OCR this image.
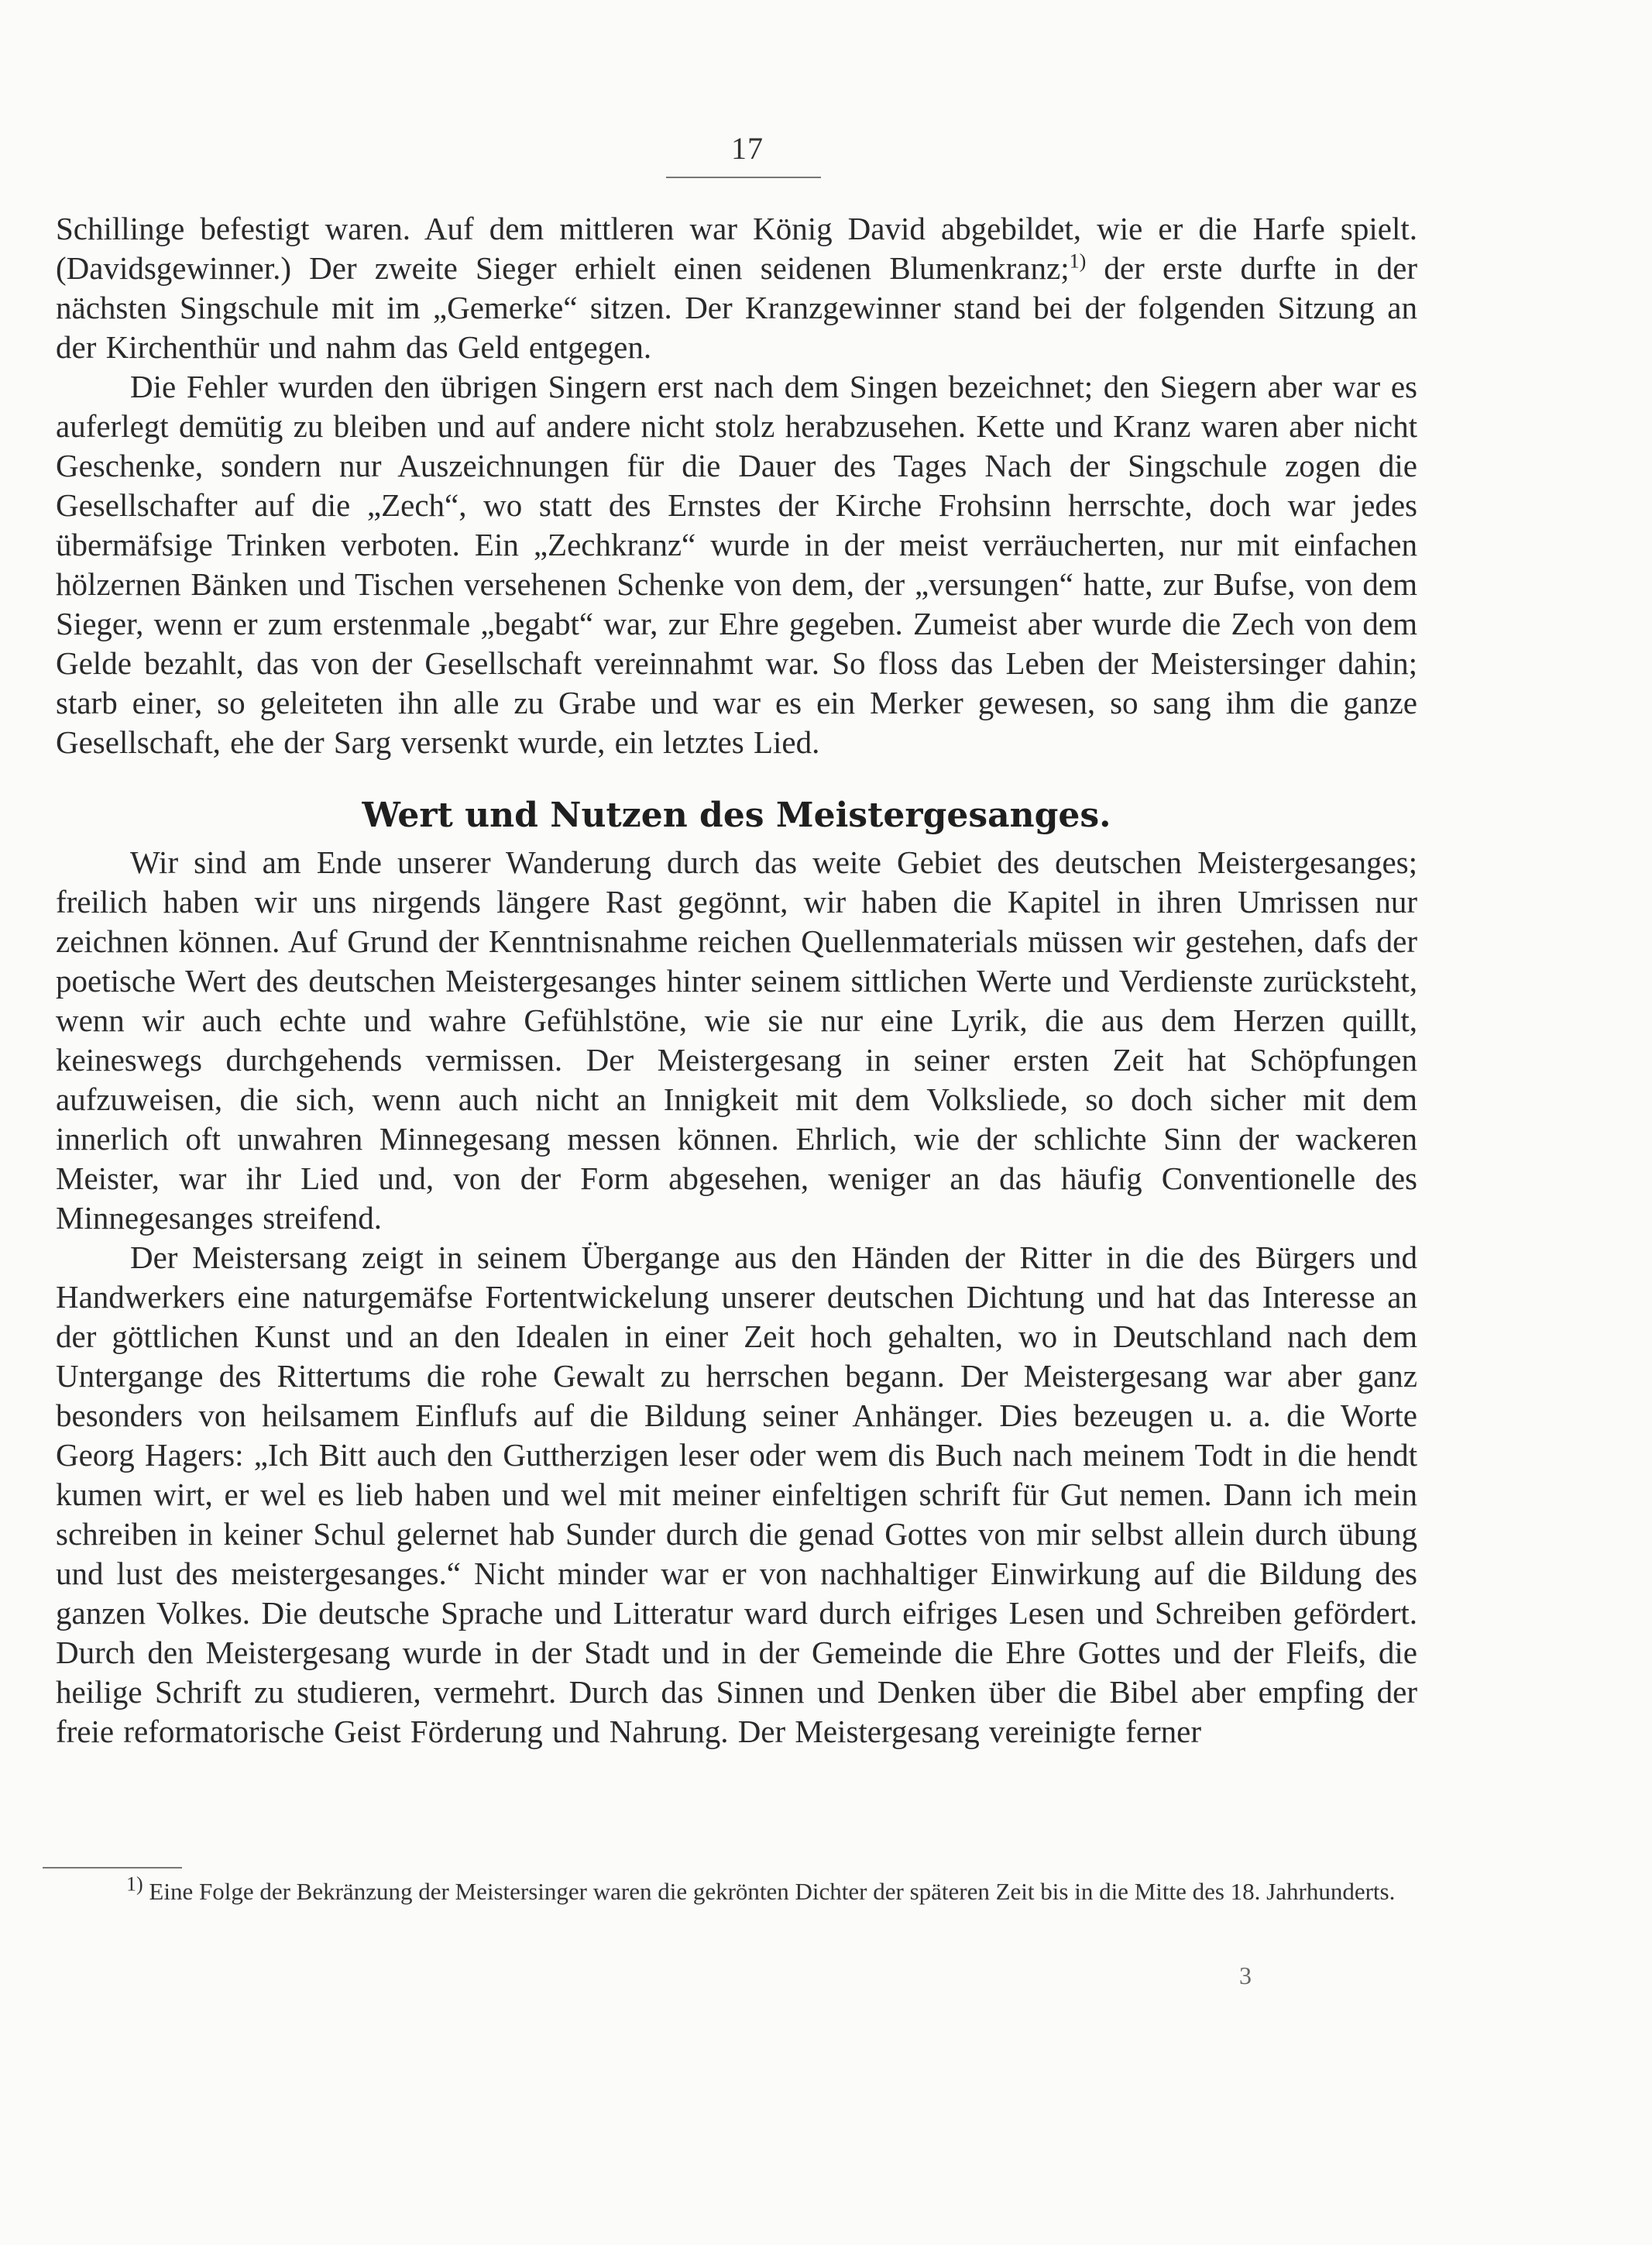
17

Schillinge befestigt waren. Auf dem mittleren war König David abgebildet, wie er die Harfe spielt. (Davidsgewinner.) Der zweite Sieger erhielt einen seidenen Blumenkranz;$^{1)}$ der erste durfte in der nächsten Singschule mit im „Gemerke“ sitzen. Der Kranzgewinner stand bei der folgenden Sitzung an der Kirchenthür und nahm das Geld entgegen.

Die Fehler wurden den übrigen Singern erst nach dem Singen bezeichnet; den Siegern aber war es auferlegt demütig zu bleiben und auf andere nicht stolz herabzusehen. Kette und Kranz waren aber nicht Geschenke, sondern nur Auszeichnungen für die Dauer des Tages Nach der Singschule zogen die Gesellschafter auf die „Zech“, wo statt des Ernstes der Kirche Frohsinn herrschte, doch war jedes übermäfsige Trinken verboten. Ein „Zechkranz“ wurde in der meist verräucherten, nur mit einfachen hölzernen Bänken und Tischen versehenen Schenke von dem, der „versungen“ hatte, zur Bufse, von dem Sieger, wenn er zum erstenmale „begabt“ war, zur Ehre gegeben. Zumeist aber wurde die Zech von dem Gelde bezahlt, das von der Gesellschaft vereinnahmt war. So floss das Leben der Meistersinger dahin; starb einer, so geleiteten ihn alle zu Grabe und war es ein Merker gewesen, so sang ihm die ganze Gesellschaft, ehe der Sarg versenkt wurde, ein letztes Lied.

Wert und Nutzen des Meistergesanges.

Wir sind am Ende unserer Wanderung durch das weite Gebiet des deutschen Meistergesanges; freilich haben wir uns nirgends längere Rast gegönnt, wir haben die Kapitel in ihren Umrissen nur zeichnen können. Auf Grund der Kenntnisnahme reichen Quellenmaterials müssen wir gestehen, dafs der poetische Wert des deutschen Meistergesanges hinter seinem sittlichen Werte und Verdienste zurücksteht, wenn wir auch echte und wahre Gefühlstöne, wie sie nur eine Lyrik, die aus dem Herzen quillt, keineswegs durchgehends vermissen. Der Meistergesang in seiner ersten Zeit hat Schöpfungen aufzuweisen, die sich, wenn auch nicht an Innigkeit mit dem Volksliede, so doch sicher mit dem innerlich oft unwahren Minnegesang messen können. Ehrlich, wie der schlichte Sinn der wackeren Meister, war ihr Lied und, von der Form abgesehen, weniger an das häufig Conventionelle des Minnegesanges streifend.

Der Meistersang zeigt in seinem Übergange aus den Händen der Ritter in die des Bürgers und Handwerkers eine naturgemäfse Fortentwickelung unserer deutschen Dichtung und hat das Interesse an der göttlichen Kunst und an den Idealen in einer Zeit hoch gehalten, wo in Deutschland nach dem Untergange des Rittertums die rohe Gewalt zu herrschen begann. Der Meistergesang war aber ganz besonders von heilsamem Einflufs auf die Bildung seiner Anhänger. Dies bezeugen u. a. die Worte Georg Hagers: „Ich Bitt auch den Guttherzigen leser oder wem dis Buch nach meinem Todt in die hendt kumen wirt, er wel es lieb haben und wel mit meiner einfeltigen schrift für Gut nemen. Dann ich mein schreiben in keiner Schul gelernet hab Sunder durch die genad Gottes von mir selbst allein durch übung und lust des meistergesanges.“ Nicht minder war er von nachhaltiger Einwirkung auf die Bildung des ganzen Volkes. Die deutsche Sprache und Litteratur ward durch eifriges Lesen und Schreiben gefördert. Durch den Meistergesang wurde in der Stadt und in der Gemeinde die Ehre Gottes und der Fleifs, die heilige Schrift zu studieren, vermehrt. Durch das Sinnen und Denken über die Bibel aber empfing der freie reformatorische Geist Förderung und Nahrung. Der Meistergesang vereinigte ferner

$^{1)}$ Eine Folge der Bekränzung der Meistersinger waren die gekrönten Dichter der späteren Zeit bis in die Mitte des 18. Jahrhunderts.
3
